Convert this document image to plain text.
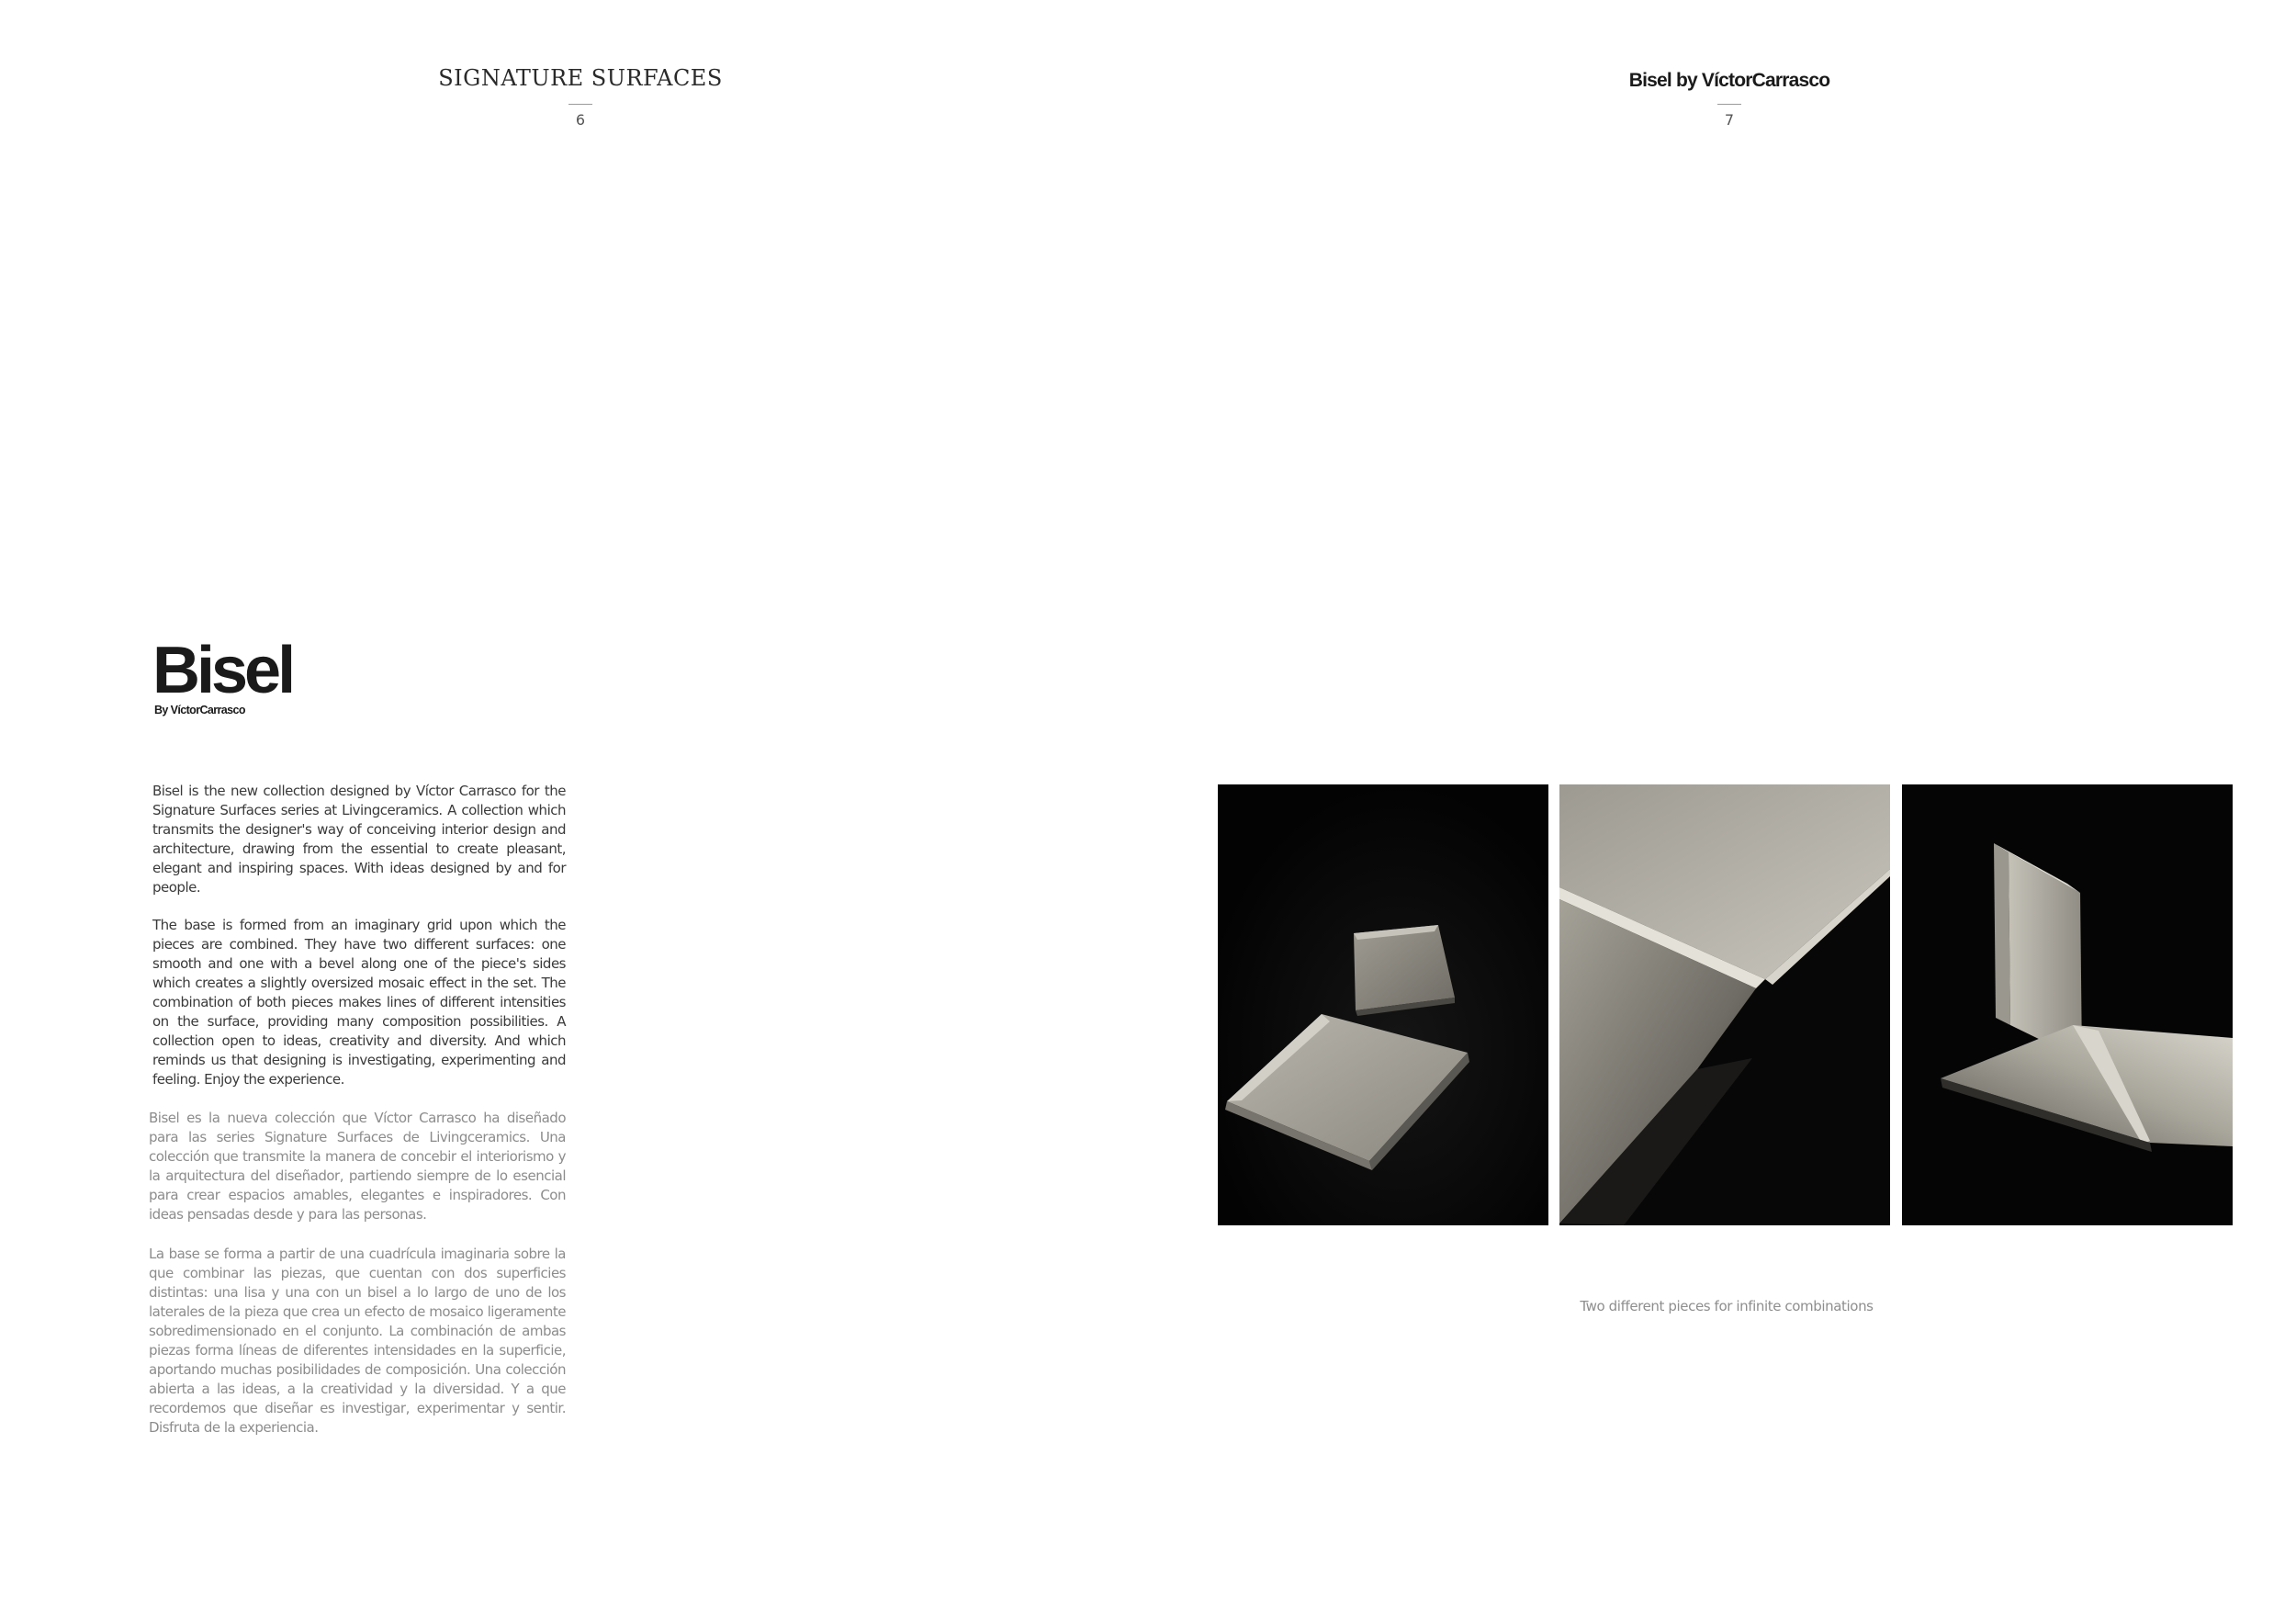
SIGNATURE SURFACES
6
Bisel
By VíctorCarrasco

Bisel is the new collection designed by Víctor Carrasco for the Signature Surfaces series at Livingceramics. A collection which transmits the designer's way of conceiving interior design and architecture, drawing from the essential to create pleasant, elegant and inspiring spaces. With ideas designed by and for people.

The base is formed from an imaginary grid upon which the pieces are combined. They have two different surfaces: one smooth and one with a bevel along one of the piece's sides which creates a slightly oversized mosaic effect in the set. The combination of both pieces makes lines of different intensities on the surface, providing many composition possibilities. A collection open to ideas, creativity and diversity. And which reminds us that designing is investigating, experimenting and feeling. Enjoy the experience.

Bisel es la nueva colección que Víctor Carrasco ha diseñado para las series Signature Surfaces de Livingceramics. Una colección que transmite la manera de concebir el interiorismo y la arquitectura del diseñador, partiendo siempre de lo esencial para crear espacios amables, elegantes e inspiradores. Con ideas pensadas desde y para las personas.

La base se forma a partir de una cuadrícula imaginaria sobre la que combinar las piezas, que cuentan con dos superficies distintas: una lisa y una con un bisel a lo largo de uno de los laterales de la pieza que crea un efecto de mosaico ligeramente sobredimensionado en el conjunto. La combinación de ambas piezas forma líneas de diferentes intensidades en la superficie, aportando muchas posibilidades de composición. Una colección abierta a las ideas, a la creatividad y la diversidad. Y a que recordemos que diseñar es investigar, experimentar y sentir. Disfruta de la experiencia.

Bisel by VíctorCarrasco
7
Two different pieces for infinite combinations
